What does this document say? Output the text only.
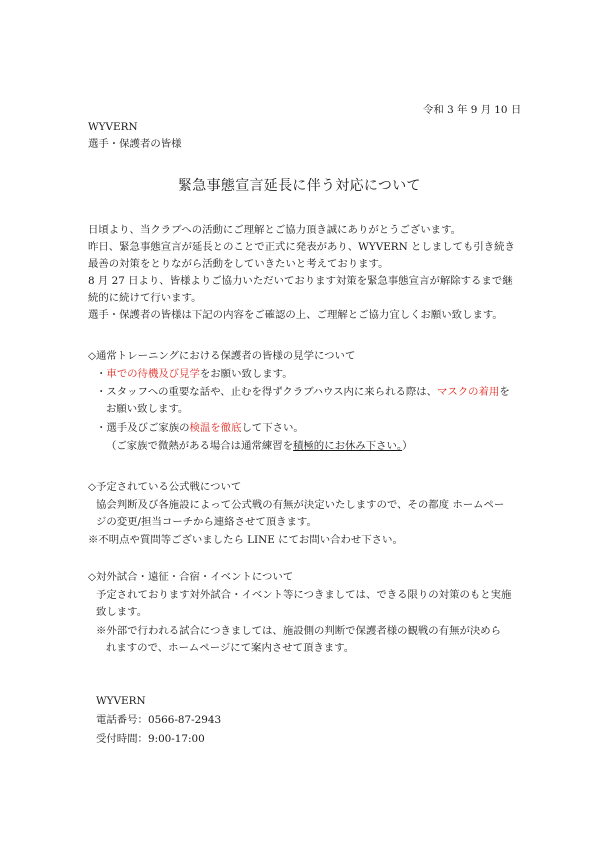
令和 3 年 9 月 10 日
WYVERN
選手・保護者の皆様
緊急事態宣言延長に伴う対応について
日頃より、当クラブへの活動にご理解とご協力頂き誠にありがとうございます。
昨日、緊急事態宣言が延長とのことで正式に発表があり、WYVERN としましても引き続き
最善の対策をとりながら活動をしていきたいと考えております。
8 月 27 日より、皆様よりご協力いただいております対策を緊急事態宣言が解除するまで継
続的に続けて行います。
選手・保護者の皆様は下記の内容をご確認の上、ご理解とご協力宜しくお願い致します。
◇通常トレーニングにおける保護者の皆様の見学について
・車での待機及び見学をお願い致します。
・スタッフへの重要な話や、止むを得ずクラブハウス内に来られる際は、マスクの着用を
お願い致します。
・選手及びご家族の検温を徹底して下さい。
（ご家族で微熱がある場合は通常練習を積極的にお休み下さい。）
◇予定されている公式戦について
協会判断及び各施設によって公式戦の有無が決定いたしますので、その都度 ホームペー
ジの変更/担当コーチから連絡させて頂きます。
※不明点や質問等ございましたら LINE にてお問い合わせ下さい。
◇対外試合・遠征・合宿・イベントについて
予定されております対外試合・イベント等につきましては、できる限りの対策のもと実施
致します。
※外部で行われる試合につきましては、施設側の判断で保護者様の観戦の有無が決めら
れますので、ホームページにて案内させて頂きます。
WYVERN
電話番号：0566-87-2943
受付時間：9:00-17:00
